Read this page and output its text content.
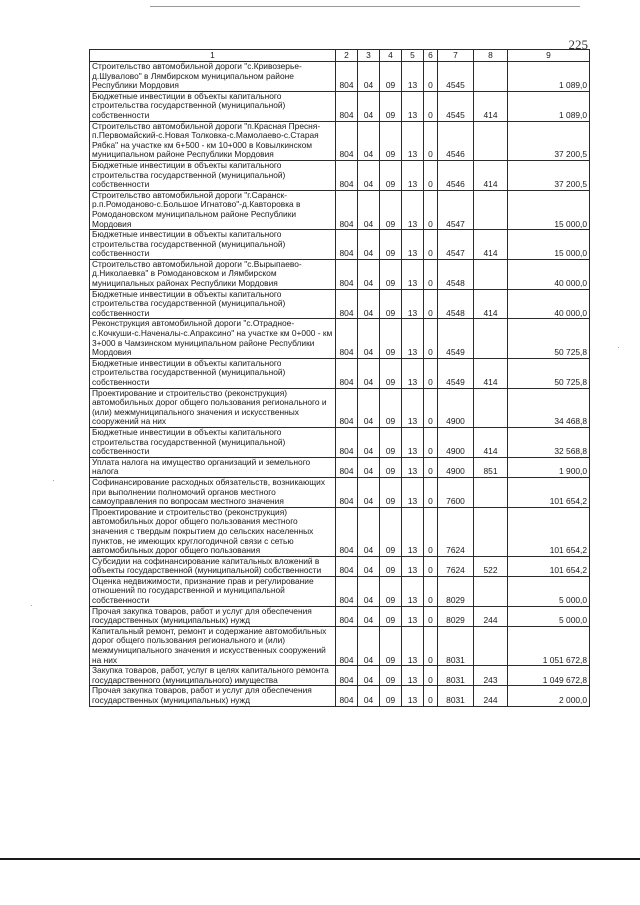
225
1	2	3	4	5	6	7	8	9
Строительство автомобильной дороги "с.Кривозерье-д.Шувалово" в Лямбирском муниципальном районе Республики Мордовия	804	04	09	13	0	4545		1 089,0
Бюджетные инвестиции в объекты капитального строительства государственной (муниципальной) собственности	804	04	09	13	0	4545	414	1 089,0
Строительство автомобильной дороги "п.Красная Пресня-п.Первомайский-с.Новая Толковка-с.Мамолаево-с.Старая Рябка" на участке км 6+500 - км 10+000 в Ковылкинском муниципальном районе Республики Мордовия	804	04	09	13	0	4546		37 200,5
Бюджетные инвестиции в объекты капитального строительства государственной (муниципальной) собственности	804	04	09	13	0	4546	414	37 200,5
Строительство автомобильной дороги "г.Саранск-р.п.Ромоданово-с.Большое Игнатово"-д.Кавторовка в Ромодановском муниципальном районе Республики Мордовия	804	04	09	13	0	4547		15 000,0
Бюджетные инвестиции в объекты капитального строительства государственной (муниципальной) собственности	804	04	09	13	0	4547	414	15 000,0
Строительство автомобильной дороги "с.Вырыпаево-д.Николаевка" в Ромодановском и Лямбирском муниципальных районах Республики Мордовия	804	04	09	13	0	4548		40 000,0
Бюджетные инвестиции в объекты капитального строительства государственной (муниципальной) собственности	804	04	09	13	0	4548	414	40 000,0
Реконструкция автомобильной дороги "с.Отрадное-с.Кочкуши-с.Наченалы-с.Апраксино" на участке км 0+000 - км 3+000 в Чамзинском муниципальном районе Республики Мордовия	804	04	09	13	0	4549		50 725,8
Бюджетные инвестиции в объекты капитального строительства государственной (муниципальной) собственности	804	04	09	13	0	4549	414	50 725,8
Проектирование и строительство (реконструкция) автомобильных дорог общего пользования регионального и (или) межмуниципального значения и искусственных сооружений на них	804	04	09	13	0	4900		34 468,8
Бюджетные инвестиции в объекты капитального строительства государственной (муниципальной) собственности	804	04	09	13	0	4900	414	32 568,8
Уплата налога на имущество организаций и земельного налога	804	04	09	13	0	4900	851	1 900,0
Софинансирование расходных обязательств, возникающих при выполнении полномочий органов местного самоуправления по вопросам местного значения	804	04	09	13	0	7600		101 654,2
Проектирование и строительство (реконструкция) автомобильных дорог общего пользования местного значения с твердым покрытием до сельских населенных пунктов, не имеющих круглогодичной связи с сетью автомобильных дорог общего пользования	804	04	09	13	0	7624		101 654,2
Субсидии на софинансирование капитальных вложений в объекты государственной (муниципальной) собственности	804	04	09	13	0	7624	522	101 654,2
Оценка недвижимости, признание прав и регулирование отношений по государственной и муниципальной собственности	804	04	09	13	0	8029		5 000,0
Прочая закупка товаров, работ и услуг для обеспечения государственных (муниципальных) нужд	804	04	09	13	0	8029	244	5 000,0
Капитальный ремонт, ремонт и содержание автомобильных дорог общего пользования регионального и (или) межмуниципального значения и искусственных сооружений на них	804	04	09	13	0	8031		1 051 672,8
Закупка товаров, работ, услуг в целях капитального ремонта государственного (муниципального) имущества	804	04	09	13	0	8031	243	1 049 672,8
Прочая закупка товаров, работ и услуг для обеспечения государственных (муниципальных) нужд	804	04	09	13	0	8031	244	2 000,0
·
·
·
